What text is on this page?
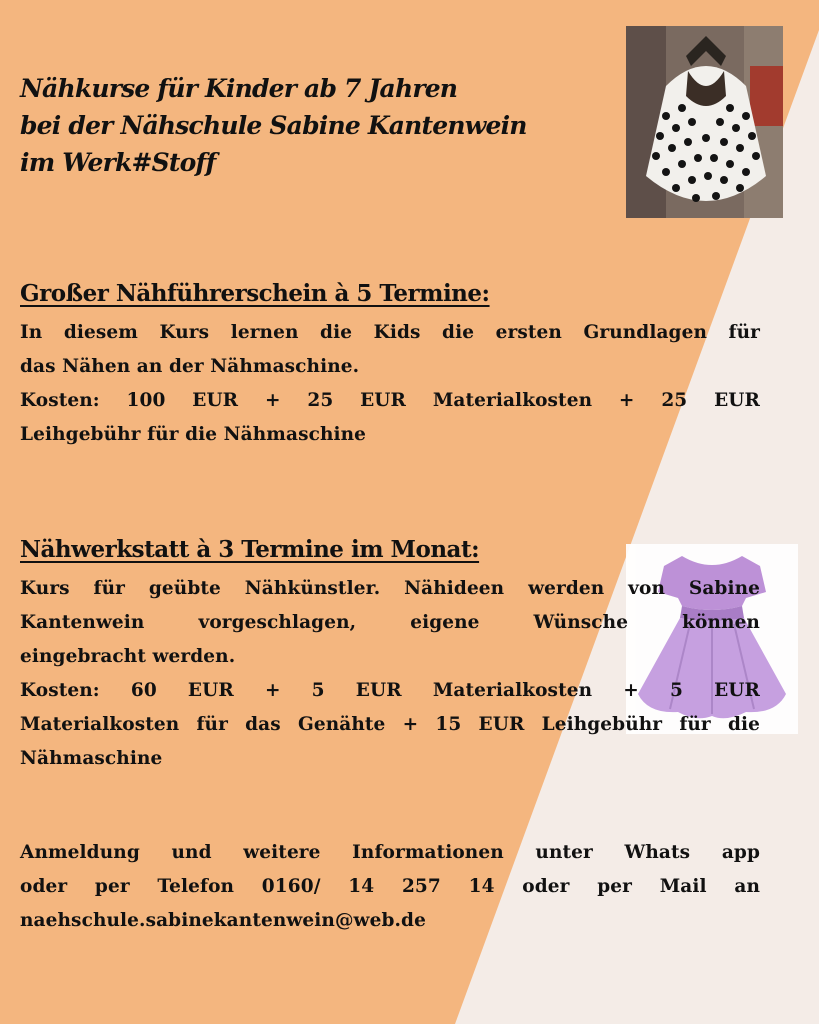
Nähkurse für Kinder ab 7 Jahren
bei der Nähschule Sabine Kantenwein
im Werk#Stoff
Großer Nähführerschein à 5 Termine:

In diesem Kurs lernen die Kids die ersten Grundlagen für
das Nähen an der Nähmaschine.
Kosten: 100 EUR + 25 EUR Materialkosten + 25 EUR
Leihgebühr für die Nähmaschine

Nähwerkstatt à 3 Termine im Monat:

Kurs für geübte Nähkünstler. Nähideen werden von Sabine
Kantenwein vorgeschlagen, eigene Wünsche können
eingebracht werden.
Kosten: 60 EUR + 5 EUR Materialkosten + 5 EUR
Materialkosten für das Genähte + 15 EUR Leihgebühr für die
Nähmaschine

Anmeldung und weitere Informationen unter Whats app
oder per Telefon 0160/ 14 257 14 oder per Mail an
naehschule.sabinekantenwein@web.de
